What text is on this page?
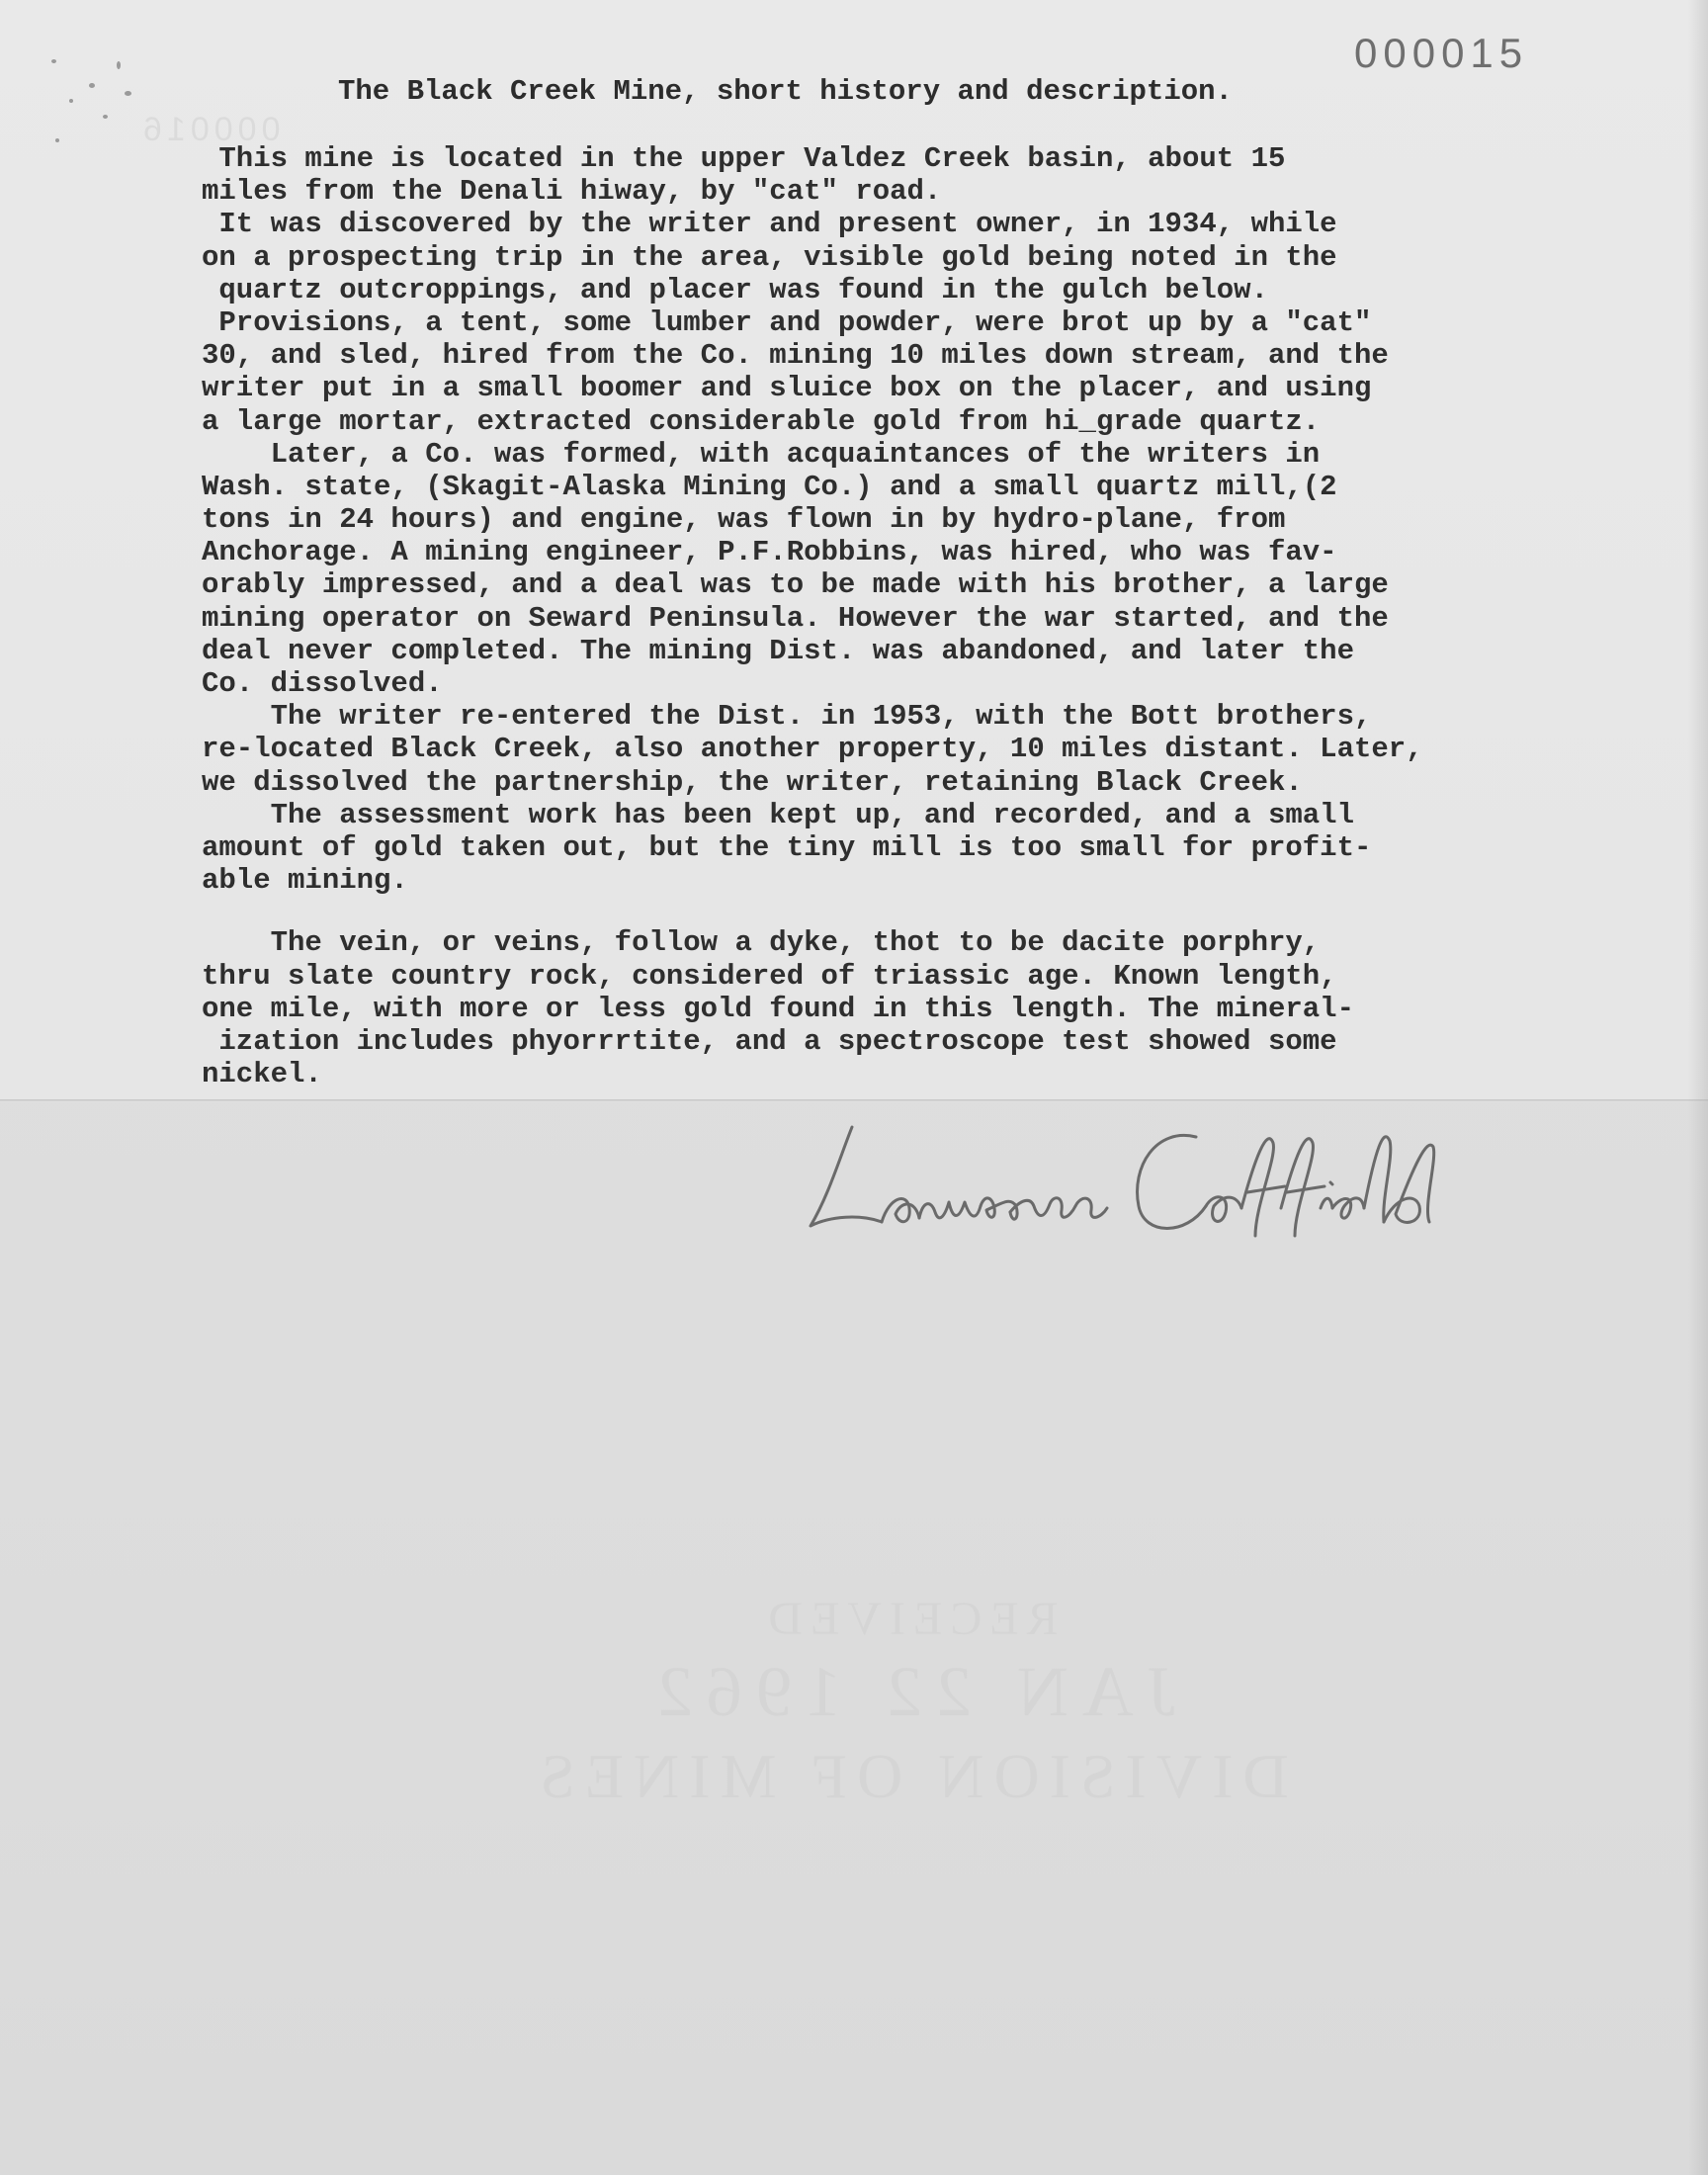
000015
000016
The Black Creek Mine, short history and description.
This mine is located in the upper Valdez Creek basin, about 15
miles from the Denali hiway, by "cat" road.
It was discovered by the writer and present owner, in 1934, while
on a prospecting trip in the area, visible gold being noted in the
quartz outcroppings, and placer was found in the gulch below.
Provisions, a tent, some lumber and powder, were brot up by a "cat"
30, and sled, hired from the Co. mining 10 miles down stream, and the
writer put in a small boomer and sluice box on the placer, and using
a large mortar, extracted considerable gold from hi_grade quartz.
Later, a Co. was formed, with acquaintances of the writers in
Wash. state, (Skagit-Alaska Mining Co.) and a small quartz mill,(2
tons in 24 hours) and engine, was flown in by hydro-plane, from
Anchorage. A mining engineer, P.F.Robbins, was hired, who was fav-
orably impressed, and a deal was to be made with his brother, a large
mining operator on Seward Peninsula. However the war started, and the
deal never completed. The mining Dist. was abandoned, and later the
Co. dissolved.
The writer re-entered the Dist. in 1953, with the Bott brothers,
re-located Black Creek, also another property, 10 miles distant. Later,
we dissolved the partnership, the writer, retaining Black Creek.
The assessment work has been kept up, and recorded, and a small
amount of gold taken out, but the tiny mill is too small for profit-
able mining.
The vein, or veins, follow a dyke, thot to be dacite porphry,
thru slate country rock, considered of triassic age. Known length,
one mile, with more or less gold found in this length. The mineral-
ization includes phyorrrtite, and a spectroscope test showed some
nickel.
RECEIVED
JAN 22 1962
DIVISION OF MINES
